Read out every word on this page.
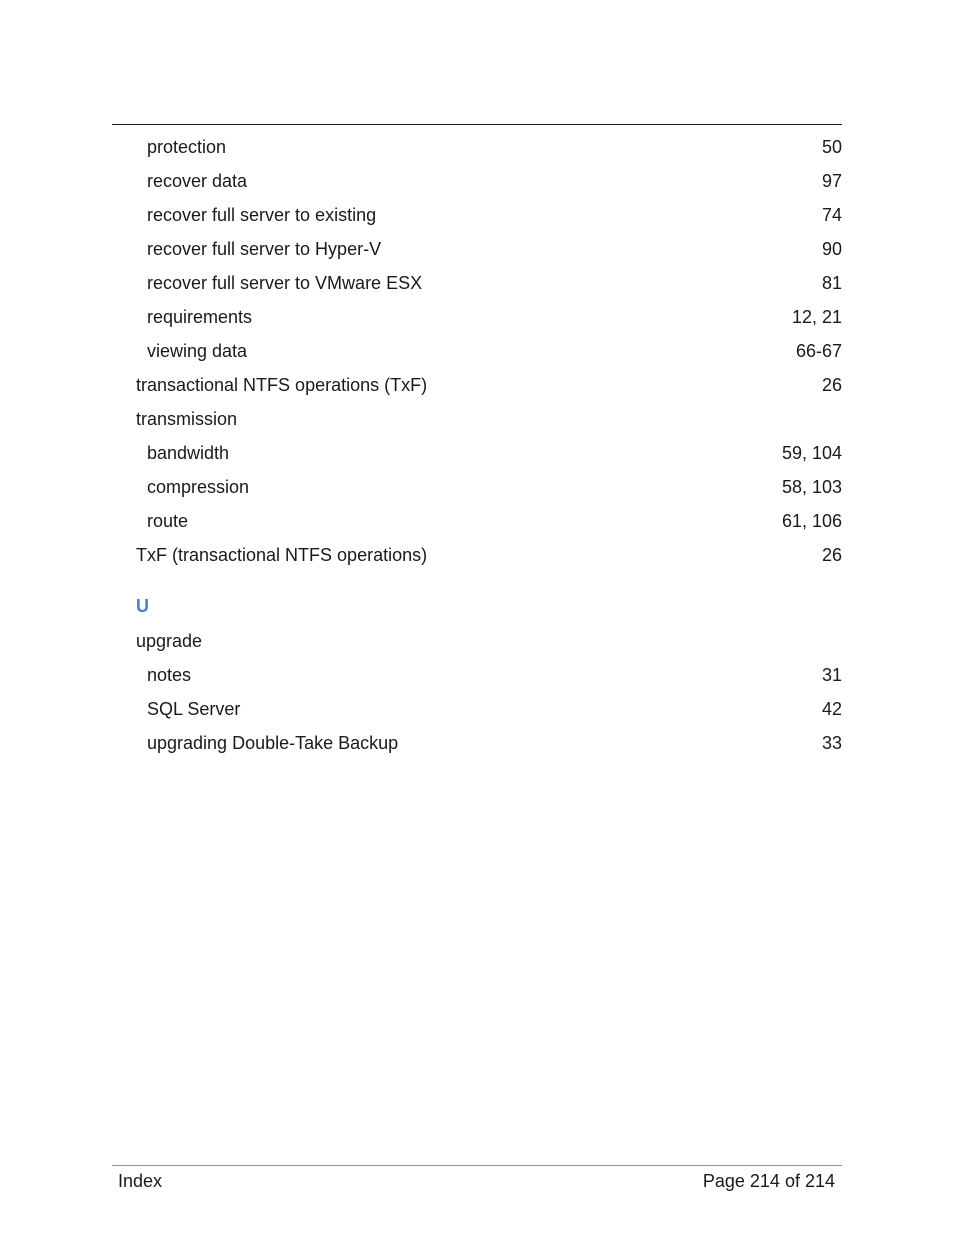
protection	50
recover data	97
recover full server to existing	74
recover full server to Hyper-V	90
recover full server to VMware ESX	81
requirements	12, 21
viewing data	66-67
transactional NTFS operations (TxF)	26
transmission
bandwidth	59, 104
compression	58, 103
route	61, 106
TxF (transactional NTFS operations)	26
U
upgrade
notes	31
SQL Server	42
upgrading Double-Take Backup	33
Index	Page 214 of 214
